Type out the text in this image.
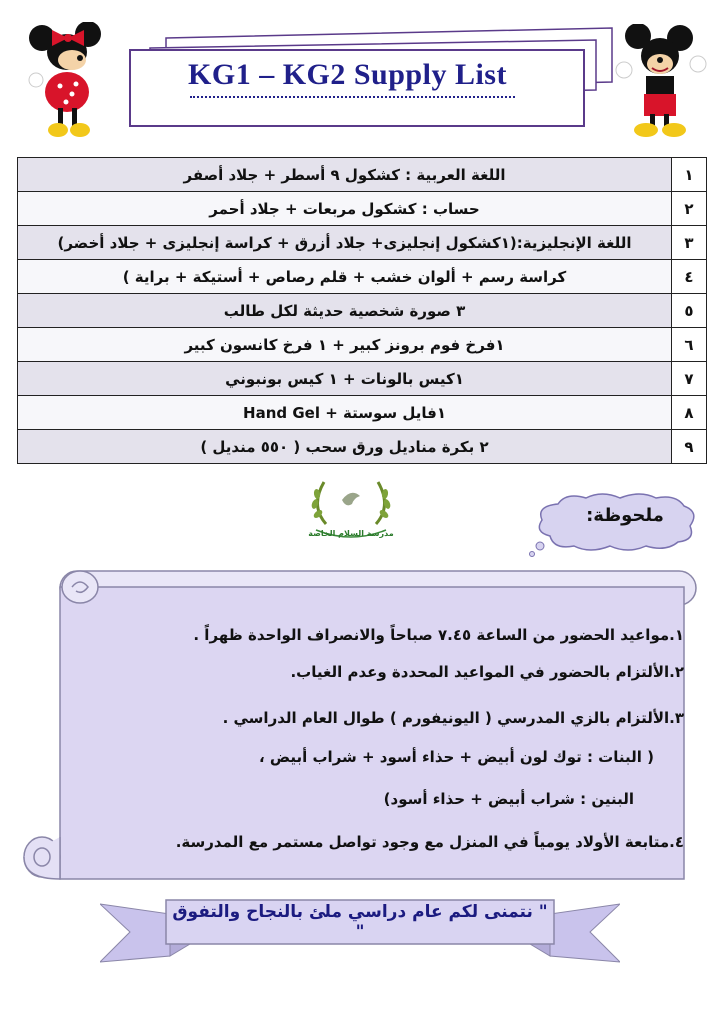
KG1 – KG2 Supply List
١	اللغة العربية : كشكول ٩ أسطر + جلاد أصفر
٢	حساب : كشكول مربعات + جلاد أحمر
٣	اللغة الإنجليزية:(١كشكول إنجليزى+ جلاد أزرق + كراسة إنجليزى + جلاد أخضر)
٤	كراسة رسم + ألوان خشب + قلم رصاص + أستيكة + براية )
٥	٣ صورة شخصية حديثة لكل طالب
٦	١فرخ فوم برونز كبير + ١ فرخ كانسون كبير
٧	١كيس بالونات + ١ كيس بونبوني
٨	١فايل سوستة + Hand Gel
٩	٢ بكرة مناديل ورق سحب ( ٥٥٠ منديل )
مدرسة السلام الخاصة
ملحوظة:

١.مواعيد الحضور من الساعة ٧.٤٥ صباحاً والانصراف الواحدة ظهراً .

٢.الألتزام بالحضور في المواعيد المحددة وعدم الغياب.

٣.الألتزام بالزي المدرسي ( اليونيفورم ) طوال العام الدراسي .

( البنات : توك لون أبيض + حذاء أسود + شراب أبيض ،

البنين : شراب أبيض + حذاء أسود)

٤.متابعة الأولاد يومياً في المنزل مع وجود تواصل مستمر مع المدرسة.

" نتمنى لكم عام دراسي ملئ بالنجاح والتفوق "
